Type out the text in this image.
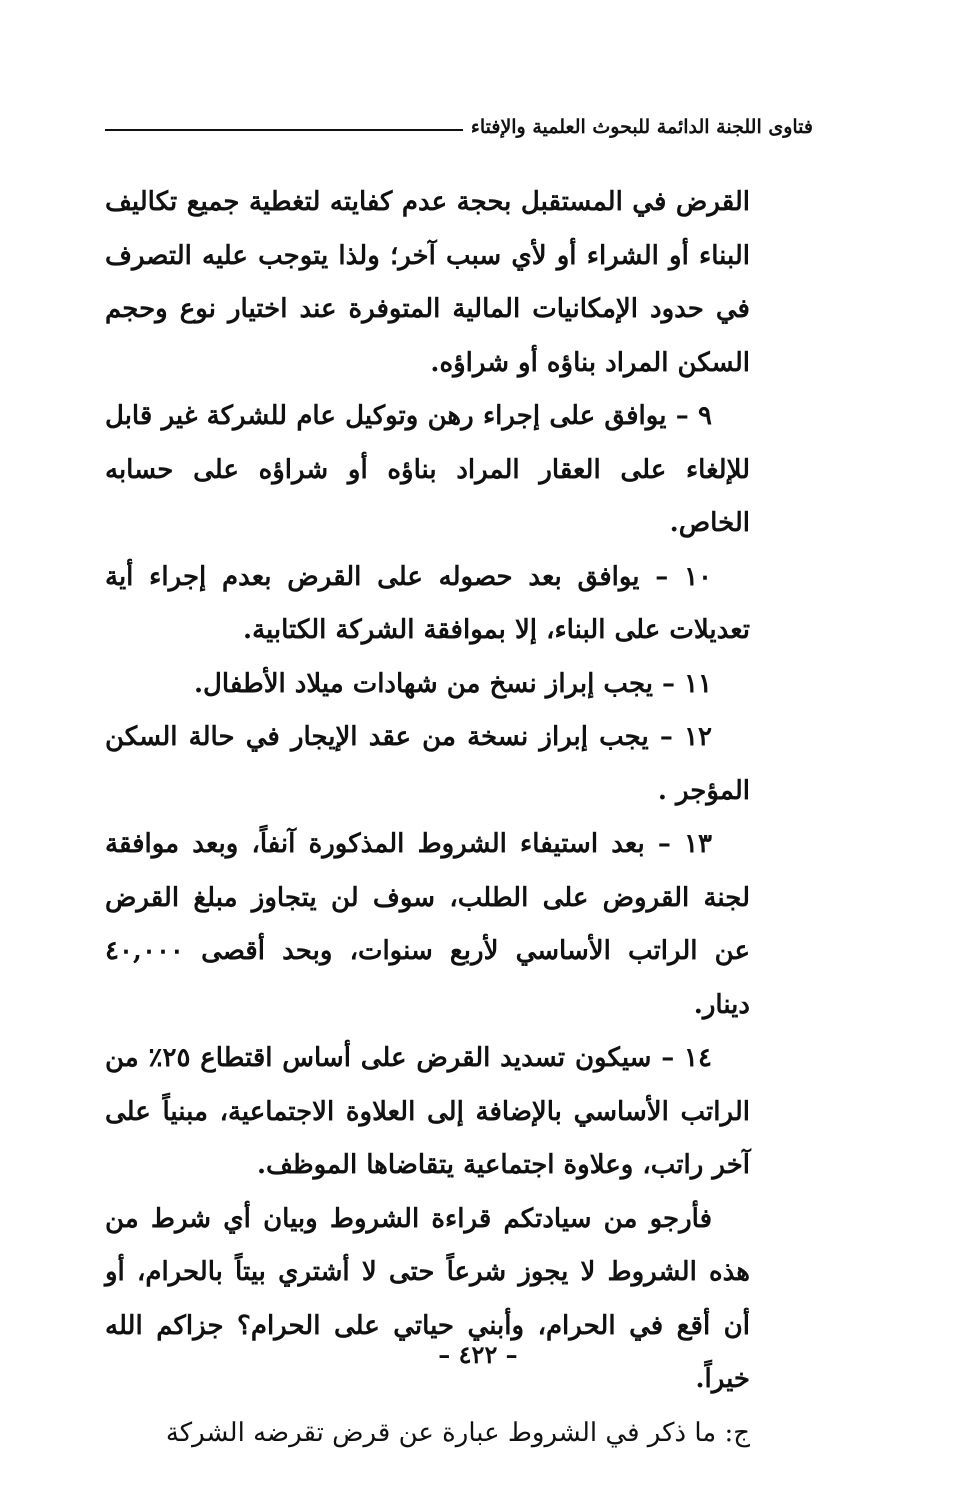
فتاوى اللجنة الدائمة للبحوث العلمية والإفتاء

القرض في المستقبل بحجة عدم كفايته لتغطية جميع تكاليف البناء أو الشراء أو لأي سبب آخر؛ ولذا يتوجب عليه التصرف في حدود الإمكانيات المالية المتوفرة عند اختيار نوع وحجم السكن المراد بناؤه أو شراؤه.

٩ – يوافق على إجراء رهن وتوكيل عام للشركة غير قابل للإلغاء على العقار المراد بناؤه أو شراؤه على حسابه الخاص.

١٠ – يوافق بعد حصوله على القرض بعدم إجراء أية تعديلات على البناء، إلا بموافقة الشركة الكتابية.

١١ – يجب إبراز نسخ من شهادات ميلاد الأطفال.

١٢ – يجب إبراز نسخة من عقد الإيجار في حالة السكن المؤجر .

١٣ – بعد استيفاء الشروط المذكورة آنفاً، وبعد موافقة لجنة القروض على الطلب، سوف لن يتجاوز مبلغ القرض عن الراتب الأساسي لأربع سنوات، وبحد أقصى ٤٠,٠٠٠ دينار.

١٤ – سيكون تسديد القرض على أساس اقتطاع ٢٥٪ من الراتب الأساسي بالإضافة إلى العلاوة الاجتماعية، مبنياً على آخر راتب، وعلاوة اجتماعية يتقاضاها الموظف.

فأرجو من سيادتكم قراءة الشروط وبيان أي شرط من هذه الشروط لا يجوز شرعاً حتى لا أشتري بيتاً بالحرام، أو أن أقع في الحرام، وأبني حياتي على الحرام؟ جزاكم الله خيراً.

ج: ما ذكر في الشروط عبارة عن قرض تقرضه الشركة

– ٤٢٢ –
